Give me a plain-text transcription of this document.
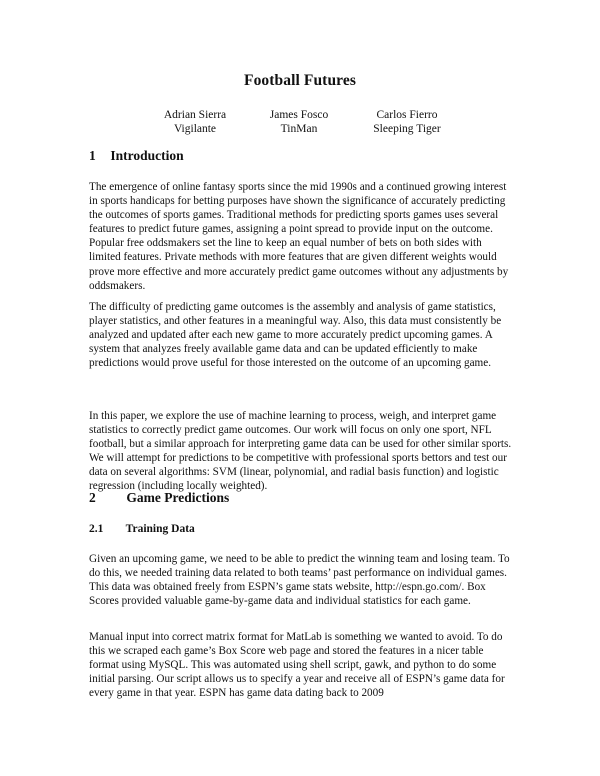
Football Futures
Adrian Sierra
Vigilante
James Fosco
TinMan
Carlos Fierro
Sleeping Tiger
1 Introduction

The emergence of online fantasy sports since the mid 1990s and a continued growing interest in sports handicaps for betting purposes have shown the significance of accurately predicting the outcomes of sports games. Traditional methods for predicting sports games uses several features to predict future games, assigning a point spread to provide input on the outcome. Popular free oddsmakers set the line to keep an equal number of bets on both sides with limited features. Private methods with more features that are given different weights would prove more effective and more accurately predict game outcomes without any adjustments by oddsmakers.

The difficulty of predicting game outcomes is the assembly and analysis of game statistics, player statistics, and other features in a meaningful way. Also, this data must consistently be analyzed and updated after each new game to more accurately predict upcoming games. A system that analyzes freely available game data and can be updated efficiently to make predictions would prove useful for those interested on the outcome of an upcoming game.

In this paper, we explore the use of machine learning to process, weigh, and interpret game statistics to correctly predict game outcomes. Our work will focus on only one sport, NFL football, but a similar approach for interpreting game data can be used for other similar sports. We will attempt for predictions to be competitive with professional sports bettors and test our data on several algorithms: SVM (linear, polynomial, and radial basis function) and logistic regression (including locally weighted).

2 Game Predictions
2.1 Training Data

Given an upcoming game, we need to be able to predict the winning team and losing team. To do this, we needed training data related to both teams’ past performance on individual games. This data was obtained freely from ESPN’s game stats website, http://espn.go.com/. Box Scores provided valuable game-by-game data and individual statistics for each game.

Manual input into correct matrix format for MatLab is something we wanted to avoid. To do this we scraped each game’s Box Score web page and stored the features in a nicer table format using MySQL. This was automated using shell script, gawk, and python to do some initial parsing. Our script allows us to specify a year and receive all of ESPN’s game data for every game in that year. ESPN has game data dating back to 2009
